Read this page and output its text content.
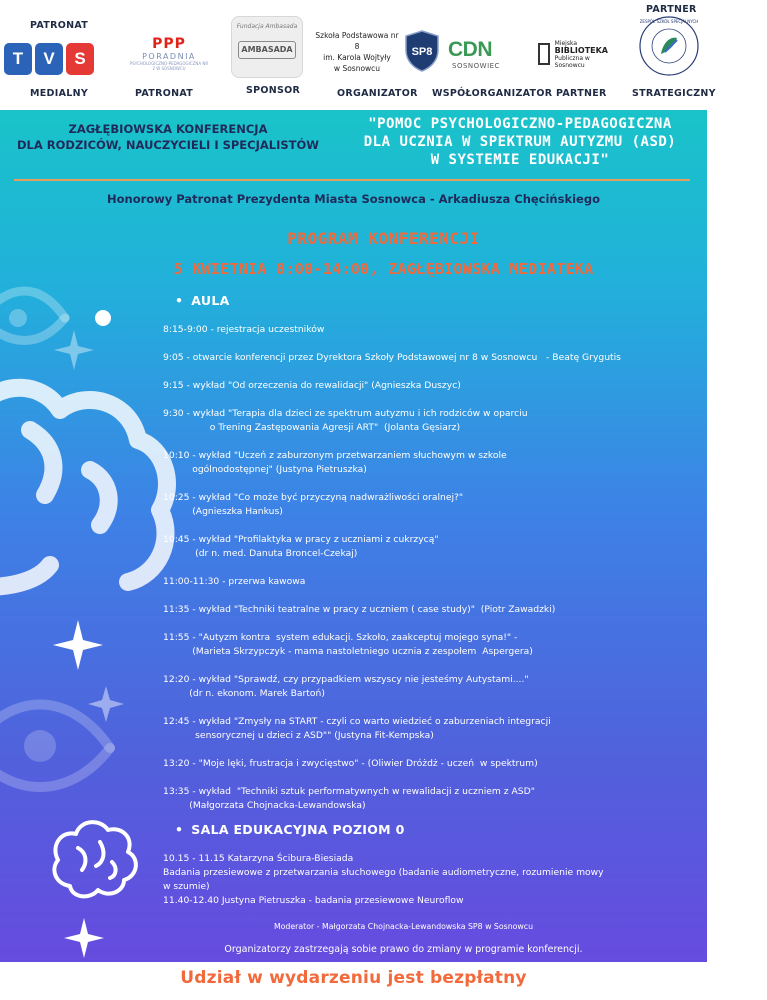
PATRONAT
T	V	S
MEDIALNY
PPP
PORADNIA
PSYCHOLOGICZNO-PEDAGOGICZNA NR 2 W SOSNOWCU
PATRONAT
Fundacja Ambasada
AMBASADA
SPONSOR
Szkoła Podstawowa nr 8
im. Karola Wojtyły
w Sosnowcu
SP8
ORGANIZATOR
CDN
SOSNOWIEC
WSPÓŁORGANIZATOR
Miejska
BIBLIOTEKA
Publiczna w Sosnowcu
PARTNER
PARTNER
ZESPÓŁ SZKÓŁ SPECJALNYCH
STRATEGICZNY
ZAGŁĘBIOWSKA KONFERENCJA
DLA RODZICÓW, NAUCZYCIELI I SPECJALISTÓW
"POMOC PSYCHOLOGICZNO-PEDAGOGICZNA
DLA UCZNIA W SPEKTRUM AUTYZMU (ASD)
W SYSTEMIE EDUKACJI"
Honorowy Patronat Prezydenta Miasta Sosnowca - Arkadiusza Chęcińskiego
PROGRAM KONFERENCJI
5 KWIETNIA 8:00-14:00, ZAGŁĘBIOWSKA MEDIATEKA
• AULA

8:15-9:00 - rejestracja uczestników

9:05 - otwarcie konferencji przez Dyrektora Szkoły Podstawowej nr 8 w Sosnowcu   - Beatę Grygutis

9:15 - wykład "Od orzeczenia do rewalidacji" (Agnieszka Duszyc)

9:30 - wykład "Terapia dla dzieci ze spektrum autyzmu i ich rodziców w oparciu
o Trening Zastępowania Agresji ART"  (Jolanta Gęsiarz)

10:10 - wykład "Uczeń z zaburzonym przetwarzaniem słuchowym w szkole
ogólnodostępnej" (Justyna Pietruszka)

10:25 - wykład "Co może być przyczyną nadwrażliwości oralnej?"
(Agnieszka Hankus)

10:45 - wykład "Profilaktyka w pracy z uczniami z cukrzycą"
(dr n. med. Danuta Broncel-Czekaj)

11:00-11:30 - przerwa kawowa

11:35 - wykład "Techniki teatralne w pracy z uczniem ( case study)"  (Piotr Zawadzki)

11:55 - "Autyzm kontra  system edukacji. Szkoło, zaakceptuj mojego syna!" -
(Marieta Skrzypczyk - mama nastoletniego ucznia z zespołem  Aspergera)

12:20 - wykład "Sprawdź, czy przypadkiem wszyscy nie jesteśmy Autystami...."
(dr n. ekonom. Marek Bartoń)

12:45 - wykład "Zmysły na START - czyli co warto wiedzieć o zaburzeniach integracji
sensorycznej u dzieci z ASD"" (Justyna Fit-Kempska)

13:20 - "Moje lęki, frustracja i zwycięstwo" - (Oliwier Dróżdż - uczeń  w spektrum)

13:35 - wykład  "Techniki sztuk performatywnych w rewalidacji z uczniem z ASD"
(Małgorzata Chojnacka-Lewandowska)

• SALA EDUKACYJNA POZIOM 0
10.15 - 11.15 Katarzyna Ścibura-Biesiada
Badania przesiewowe z przetwarzania słuchowego (badanie audiometryczne, rozumienie mowy
w szumie)
11.40-12.40 Justyna Pietruszka - badania przesiewowe Neuroflow
Moderator - Małgorzata Chojnacka-Lewandowska SP8 w Sosnowcu
Organizatorzy zastrzegają sobie prawo do zmiany w programie konferencji.
Udział w wydarzeniu jest bezpłatny
